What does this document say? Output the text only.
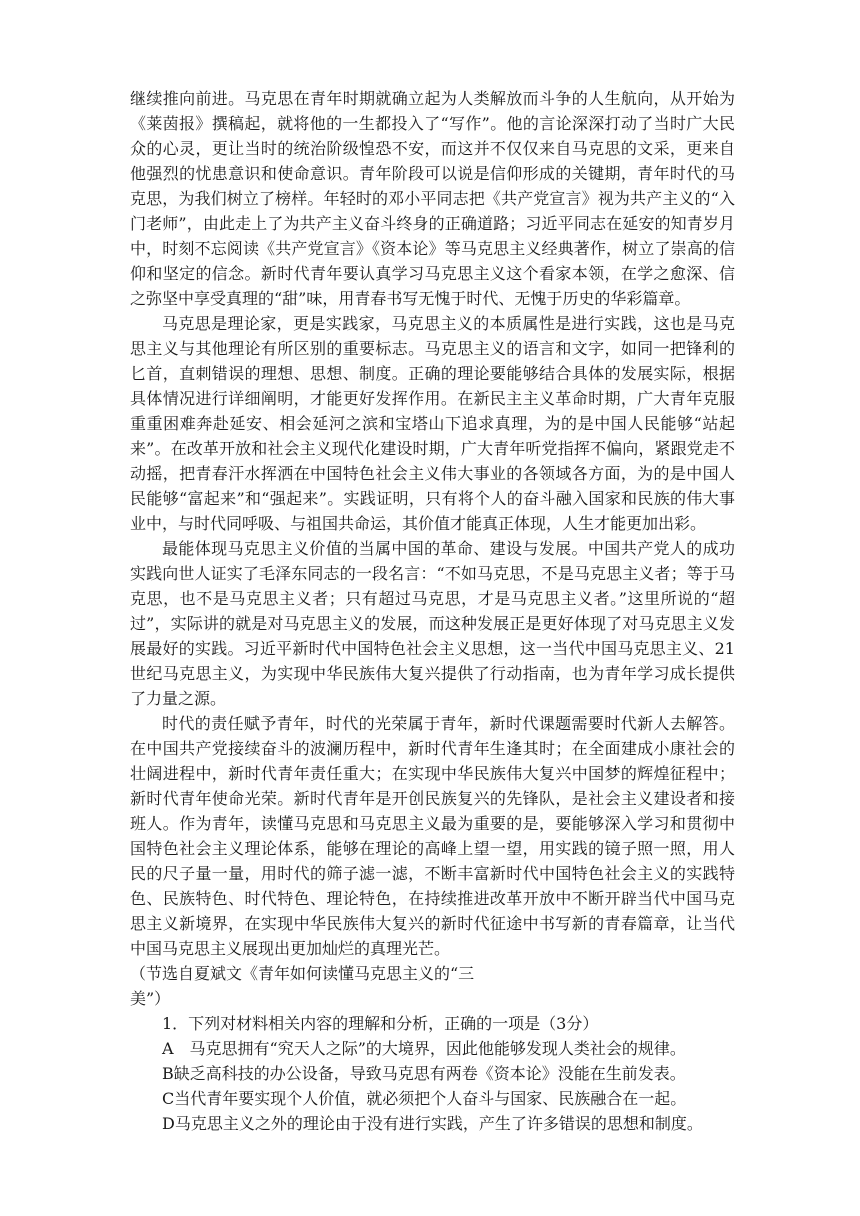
继续推向前进。马克思在青年时期就确立起为人类解放而斗争的人生航向，从开始为《莱茵报》撰稿起，就将他的一生都投入了“写作”。他的言论深深打动了当时广大民众的心灵，更让当时的统治阶级惶恐不安，而这并不仅仅来自马克思的文采，更来自他强烈的忧患意识和使命意识。青年阶段可以说是信仰形成的关键期，青年时代的马克思，为我们树立了榜样。年轻时的邓小平同志把《共产党宣言》视为共产主义的“入门老师”，由此走上了为共产主义奋斗终身的正确道路；习近平同志在延安的知青岁月中，时刻不忘阅读《共产党宣言》《资本论》等马克思主义经典著作，树立了崇高的信仰和坚定的信念。新时代青年要认真学习马克思主义这个看家本领，在学之愈深、信之弥坚中享受真理的“甜”味，用青春书写无愧于时代、无愧于历史的华彩篇章。

马克思是理论家，更是实践家，马克思主义的本质属性是进行实践，这也是马克思主义与其他理论有所区别的重要标志。马克思主义的语言和文字，如同一把锋利的匕首，直刺错误的理想、思想、制度。正确的理论要能够结合具体的发展实际，根据具体情况进行详细阐明，才能更好发挥作用。在新民主主义革命时期，广大青年克服重重困难奔赴延安、相会延河之滨和宝塔山下追求真理，为的是中国人民能够“站起来”。在改革开放和社会主义现代化建设时期，广大青年听党指挥不偏向，紧跟党走不动摇，把青春汗水挥洒在中国特色社会主义伟大事业的各领域各方面，为的是中国人民能够“富起来”和“强起来”。实践证明，只有将个人的奋斗融入国家和民族的伟大事业中，与时代同呼吸、与祖国共命运，其价值才能真正体现，人生才能更加出彩。

最能体现马克思主义价值的当属中国的革命、建设与发展。中国共产党人的成功实践向世人证实了毛泽东同志的一段名言：“不如马克思，不是马克思主义者；等于马克思，也不是马克思主义者；只有超过马克思，才是马克思主义者。”这里所说的“超过”，实际讲的就是对马克思主义的发展，而这种发展正是更好体现了对马克思主义发展最好的实践。习近平新时代中国特色社会主义思想，这一当代中国马克思主义、21世纪马克思主义，为实现中华民族伟大复兴提供了行动指南，也为青年学习成长提供了力量之源。

时代的责任赋予青年，时代的光荣属于青年，新时代课题需要时代新人去解答。在中国共产党接续奋斗的波澜历程中，新时代青年生逢其时；在全面建成小康社会的壮阔进程中，新时代青年责任重大；在实现中华民族伟大复兴中国梦的辉煌征程中；新时代青年使命光荣。新时代青年是开创民族复兴的先锋队，是社会主义建设者和接班人。作为青年，读懂马克思和马克思主义最为重要的是，要能够深入学习和贯彻中国特色社会主义理论体系，能够在理论的高峰上望一望，用实践的镜子照一照，用人民的尺子量一量，用时代的筛子滤一滤，不断丰富新时代中国特色社会主义的实践特色、民族特色、时代特色、理论特色，在持续推进改革开放中不断开辟当代中国马克思主义新境界，在实现中华民族伟大复兴的新时代征途中书写新的青春篇章，让当代中国马克思主义展现出更加灿烂的真理光芒。

（节选自夏斌文《青年如何读懂马克思主义的“三
美”）

1．下列对材料相关内容的理解和分析，正确的一项是（3分）

A　马克思拥有“究天人之际”的大境界，因此他能够发现人类社会的规律。

B缺乏高科技的办公设备，导致马克思有两卷《资本论》没能在生前发表。

C当代青年要实现个人价值，就必须把个人奋斗与国家、民族融合在一起。

D马克思主义之外的理论由于没有进行实践，产生了许多错误的思想和制度。
